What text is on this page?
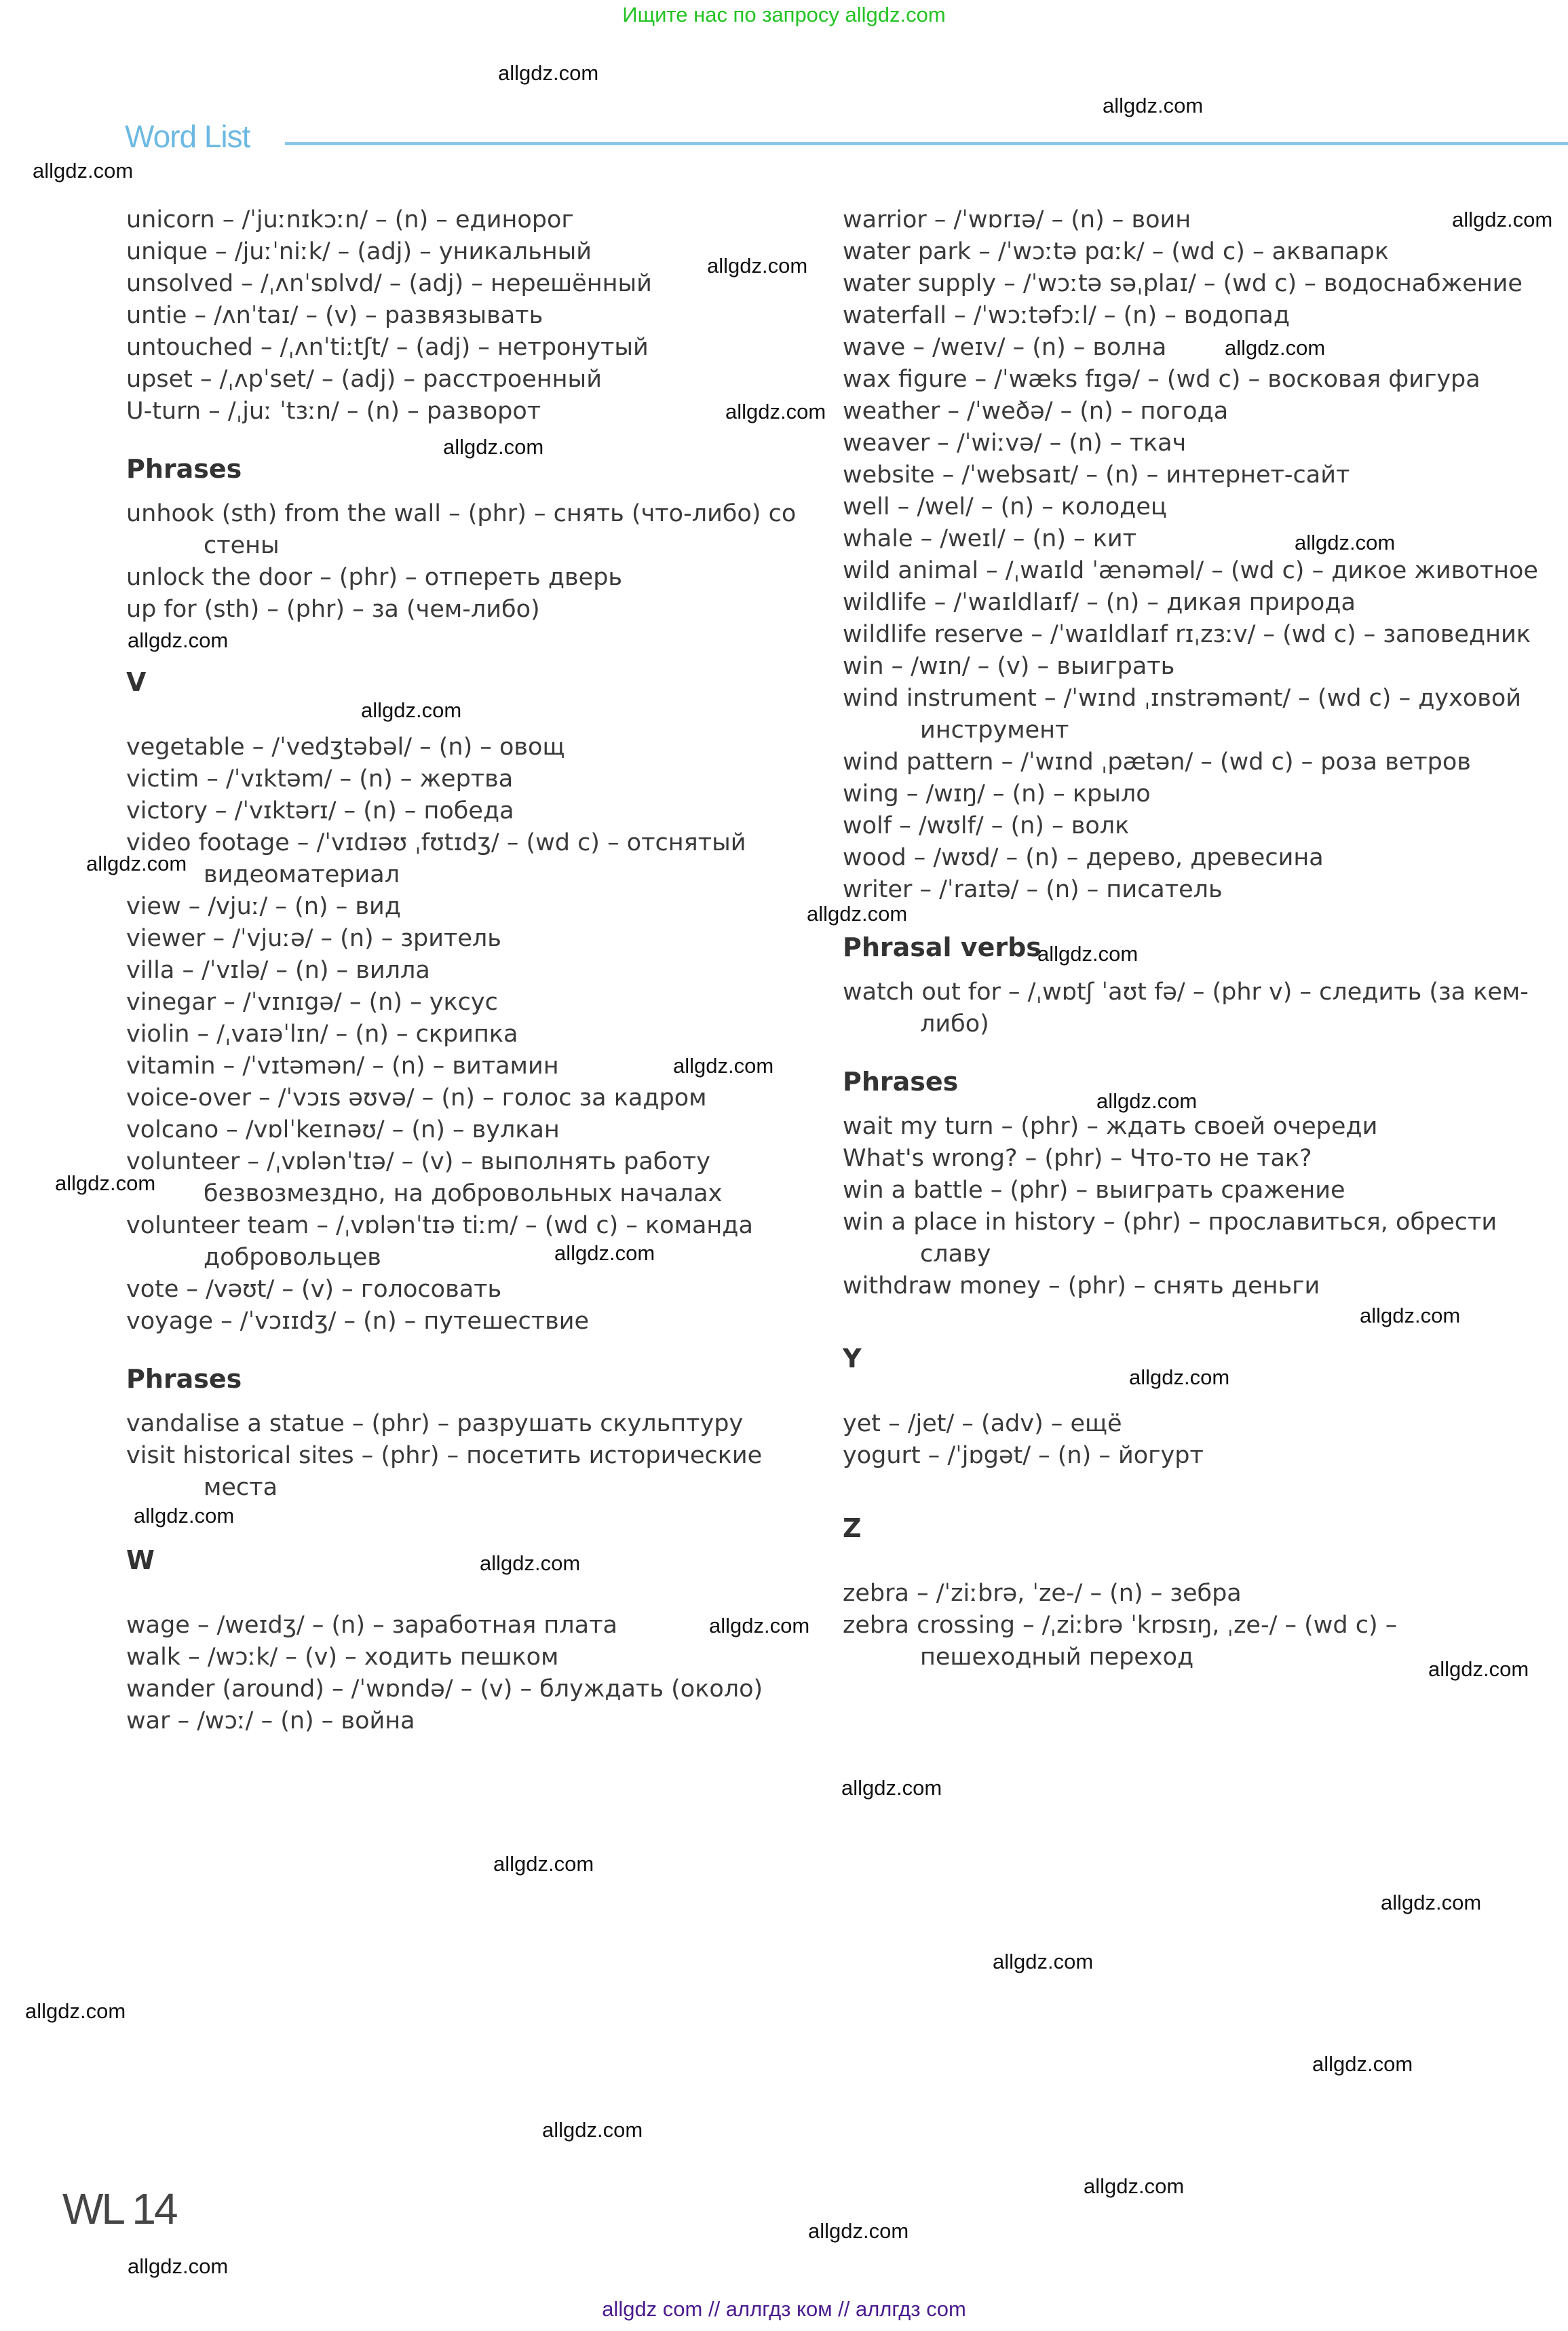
Ищите нас по запросу allgdz.com
Word List
unicorn – /ˈjuːnɪkɔːn/ – (n) – единорог
unique – /juːˈniːk/ – (adj) – уникальный
unsolved – /ˌʌnˈsɒlvd/ – (adj) – нерешённый
untie – /ʌnˈtaɪ/ – (v) – развязывать
untouched – /ˌʌnˈtiːtʃt/ – (adj) – нетронутый
upset – /ˌʌpˈset/ – (adj) – расстроенный
U-turn – /ˌjuː ˈtɜːn/ – (n) – разворот
Phrases
unhook (sth) from the wall – (phr) – снять (что-либо) со
стены
unlock the door – (phr) – отпереть дверь
up for (sth) – (phr) – за (чем-либо)
V
vegetable – /ˈvedʒtəbəl/ – (n) – овощ
victim – /ˈvɪktəm/ – (n) – жертва
victory – /ˈvɪktərɪ/ – (n) – победа
video footage – /ˈvɪdɪəʊ ˌfʊtɪdʒ/ – (wd c) – отснятый
видеоматериал
view – /vjuː/ – (n) – вид
viewer – /ˈvjuːə/ – (n) – зритель
villa – /ˈvɪlə/ – (n) – вилла
vinegar – /ˈvɪnɪgə/ – (n) – уксус
violin – /ˌvaɪəˈlɪn/ – (n) – скрипка
vitamin – /ˈvɪtəmən/ – (n) – витамин
voice-over – /ˈvɔɪs əʊvə/ – (n) – голос за кадром
volcano – /vɒlˈkeɪnəʊ/ – (n) – вулкан
volunteer – /ˌvɒlənˈtɪə/ – (v) – выполнять работу
безвозмездно, на добровольных началах
volunteer team – /ˌvɒlənˈtɪə tiːm/ – (wd c) – команда
добровольцев
vote – /vəʊt/ – (v) – голосовать
voyage – /ˈvɔɪɪdʒ/ – (n) – путешествие
Phrases
vandalise a statue – (phr) – разрушать скульптуру
visit historical sites – (phr) – посетить исторические
места
W
wage – /weɪdʒ/ – (n) – заработная плата
walk – /wɔːk/ – (v) – ходить пешком
wander (around) – /ˈwɒndə/ – (v) – блуждать (около)
war – /wɔː/ – (n) – война
warrior – /ˈwɒrɪə/ – (n) – воин
water park – /ˈwɔːtə pɑːk/ – (wd c) – аквапарк
water supply – /ˈwɔːtə səˌplaɪ/ – (wd c) – водоснабжение
waterfall – /ˈwɔːtəfɔːl/ – (n) – водопад
wave – /weɪv/ – (n) – волна
wax figure – /ˈwæks fɪgə/ – (wd c) – восковая фигура
weather – /ˈweðə/ – (n) – погода
weaver – /ˈwiːvə/ – (n) – ткач
website – /ˈwebsaɪt/ – (n) – интернет-сайт
well – /wel/ – (n) – колодец
whale – /weɪl/ – (n) – кит
wild animal – /ˌwaɪld ˈænəməl/ – (wd c) – дикое животное
wildlife – /ˈwaɪldlaɪf/ – (n) – дикая природа
wildlife reserve – /ˈwaɪldlaɪf rɪˌzɜːv/ – (wd c) – заповедник
win – /wɪn/ – (v) – выиграть
wind instrument – /ˈwɪnd ˌɪnstrəmənt/ – (wd c) – духовой
инструмент
wind pattern – /ˈwɪnd ˌpætən/ – (wd c) – роза ветров
wing – /wɪŋ/ – (n) – крыло
wolf – /wʊlf/ – (n) – волк
wood – /wʊd/ – (n) – дерево, древесина
writer – /ˈraɪtə/ – (n) – писатель
Phrasal verbs
watch out for – /ˌwɒtʃ ˈaʊt fə/ – (phr v) – следить (за кем-
либо)
Phrases
wait my turn – (phr) – ждать своей очереди
What's wrong? – (phr) – Что-то не так?
win a battle – (phr) – выиграть сражение
win a place in history – (phr) – прославиться, обрести
славу
withdraw money – (phr) – снять деньги
Y
yet – /jet/ – (adv) – ещё
yogurt – /ˈjɒgət/ – (n) – йогурт
Z
zebra – /ˈziːbrə, ˈze-/ – (n) – зебра
zebra crossing – /ˌziːbrə ˈkrɒsɪŋ, ˌze-/ – (wd c) –
пешеходный переход
WL 14
allgdz.com
allgdz.com
allgdz.com
allgdz.com
allgdz.com
allgdz.com
allgdz.com
allgdz.com
allgdz.com
allgdz.com
allgdz.com
allgdz.com
allgdz.com
allgdz.com
allgdz.com
allgdz.com
allgdz.com
allgdz.com
allgdz.com
allgdz.com
allgdz.com
allgdz.com
allgdz.com
allgdz.com
allgdz.com
allgdz.com
allgdz.com
allgdz.com
allgdz.com
allgdz.com
allgdz.com
allgdz.com
allgdz.com
allgdz.com
allgdz com // аллгдз ком // аллгдз com
